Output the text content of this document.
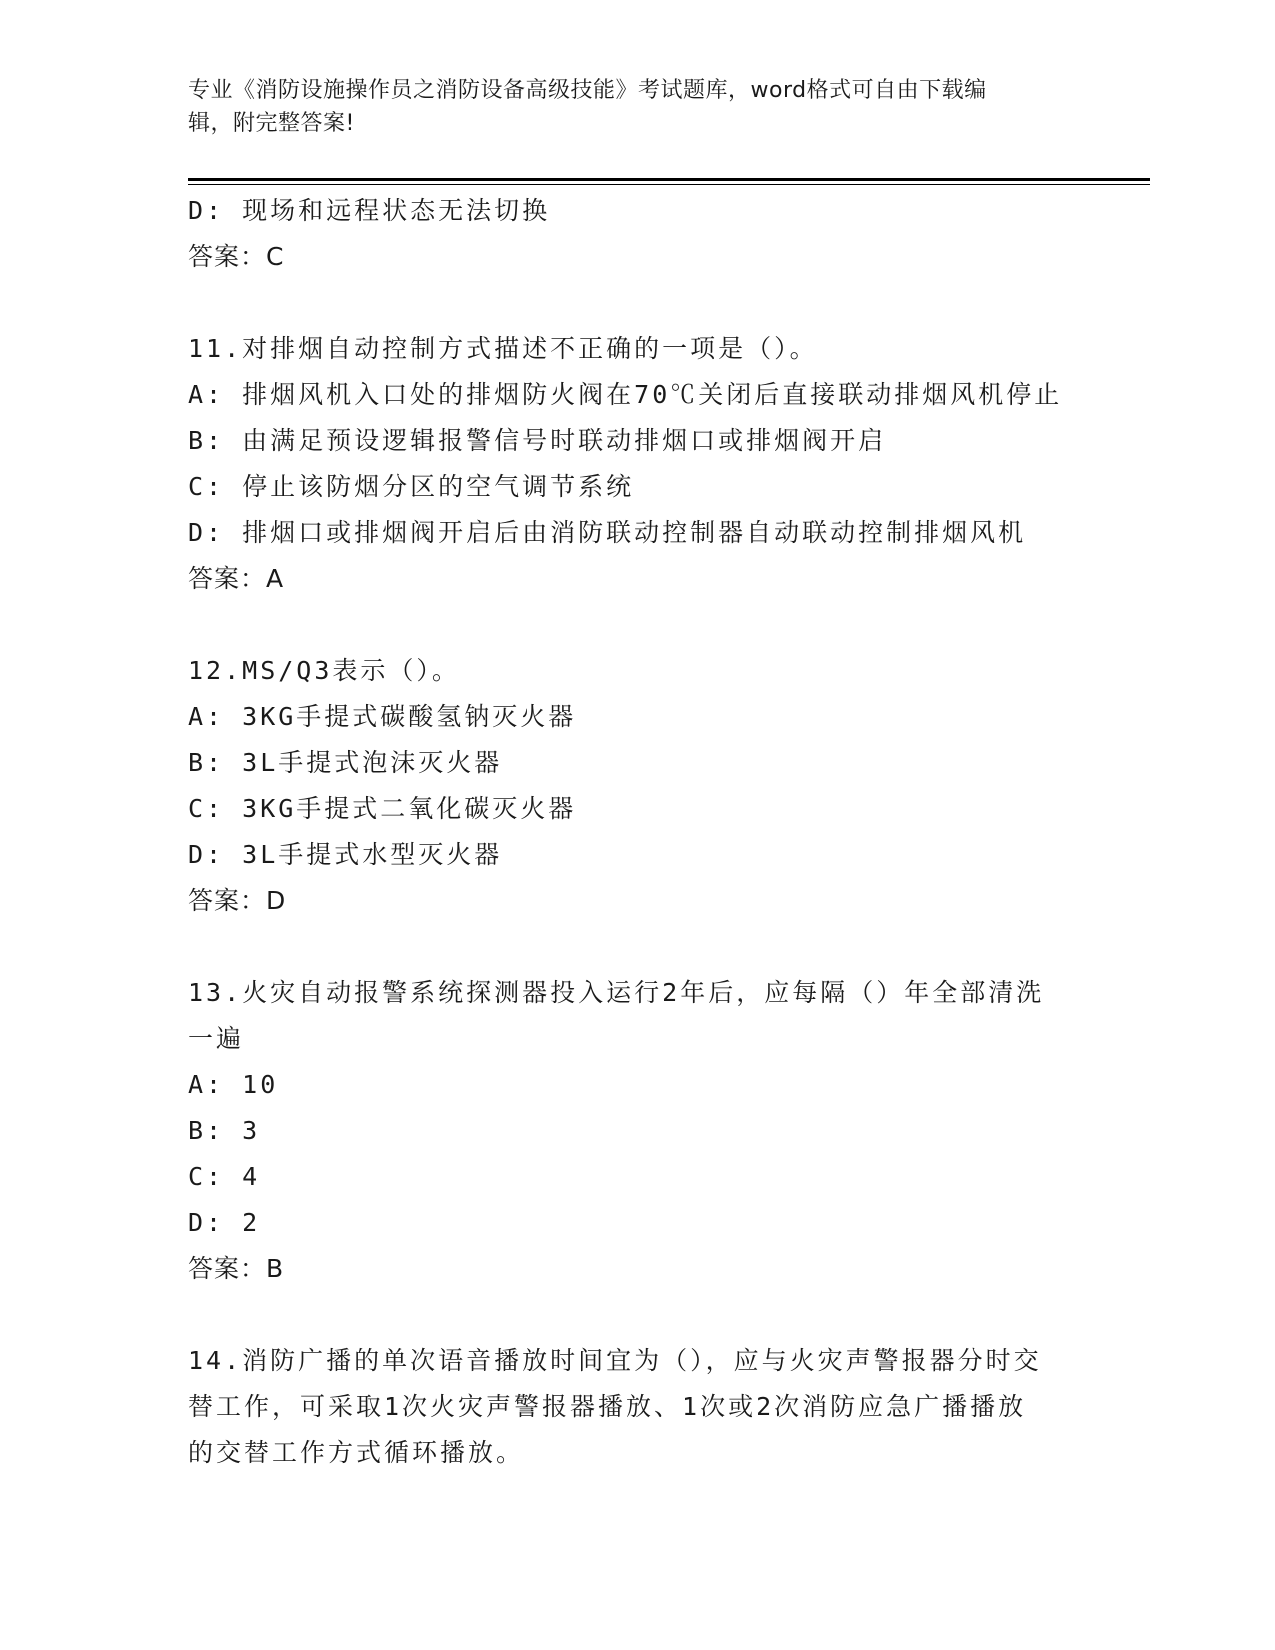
专业《消防设施操作员之消防设备高级技能》考试题库，word格式可自由下载编
辑，附完整答案!
D: 现场和远程状态无法切换
答案：C
11.对排烟自动控制方式描述不正确的一项是（）。
A: 排烟风机入口处的排烟防火阀在70℃关闭后直接联动排烟风机停止
B: 由满足预设逻辑报警信号时联动排烟口或排烟阀开启
C: 停止该防烟分区的空气调节系统
D: 排烟口或排烟阀开启后由消防联动控制器自动联动控制排烟风机
答案：A
12.MS/Q3表示（）。
A: 3KG手提式碳酸氢钠灭火器
B: 3L手提式泡沫灭火器
C: 3KG手提式二氧化碳灭火器
D: 3L手提式水型灭火器
答案：D
13.火灾自动报警系统探测器投入运行2年后，应每隔（）年全部清洗
一遍
A: 10
B: 3
C: 4
D: 2
答案：B
14.消防广播的单次语音播放时间宜为（），应与火灾声警报器分时交
替工作，可采取1次火灾声警报器播放、1次或2次消防应急广播播放
的交替工作方式循环播放。
